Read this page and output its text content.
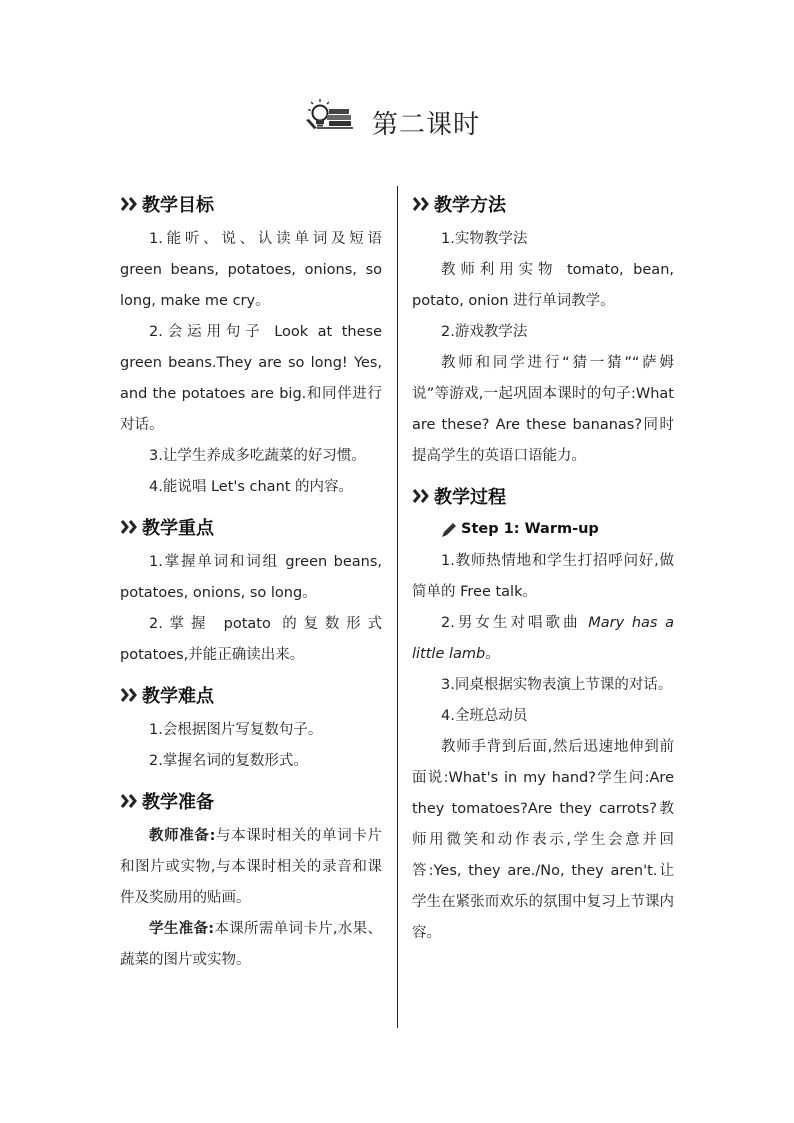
第二课时
教学目标

1.能听、说、认读单词及短语 green beans, potatoes, onions, so long, make me cry。

2.会运用句子 Look at these green beans.They are so long! Yes, and the potatoes are big.和同伴进行对话。

3.让学生养成多吃蔬菜的好习惯。

4.能说唱 Let's chant 的内容。

教学重点

1.掌握单词和词组 green beans, potatoes, onions, so long。

2.掌握 potato 的复数形式 potatoes,并能正确读出来。

教学难点

1.会根据图片写复数句子。

2.掌握名词的复数形式。

教学准备

教师准备:与本课时相关的单词卡片和图片或实物,与本课时相关的录音和课件及奖励用的贴画。

学生准备:本课所需单词卡片,水果、蔬菜的图片或实物。

教学方法

1.实物教学法

教师利用实物 tomato, bean, potato, onion 进行单词教学。

2.游戏教学法

教师和同学进行“猜一猜”“萨姆说”等游戏,一起巩固本课时的句子:What are these? Are these bananas?同时提高学生的英语口语能力。

教学过程
Step 1: Warm-up

1.教师热情地和学生打招呼问好,做简单的 Free talk。

2.男女生对唱歌曲 Mary has a little lamb。

3.同桌根据实物表演上节课的对话。

4.全班总动员

教师手背到后面,然后迅速地伸到前面说:What's in my hand?学生问:Are they tomatoes?Are they carrots?教师用微笑和动作表示,学生会意并回答:Yes, they are./No, they aren't.让学生在紧张而欢乐的氛围中复习上节课内容。
